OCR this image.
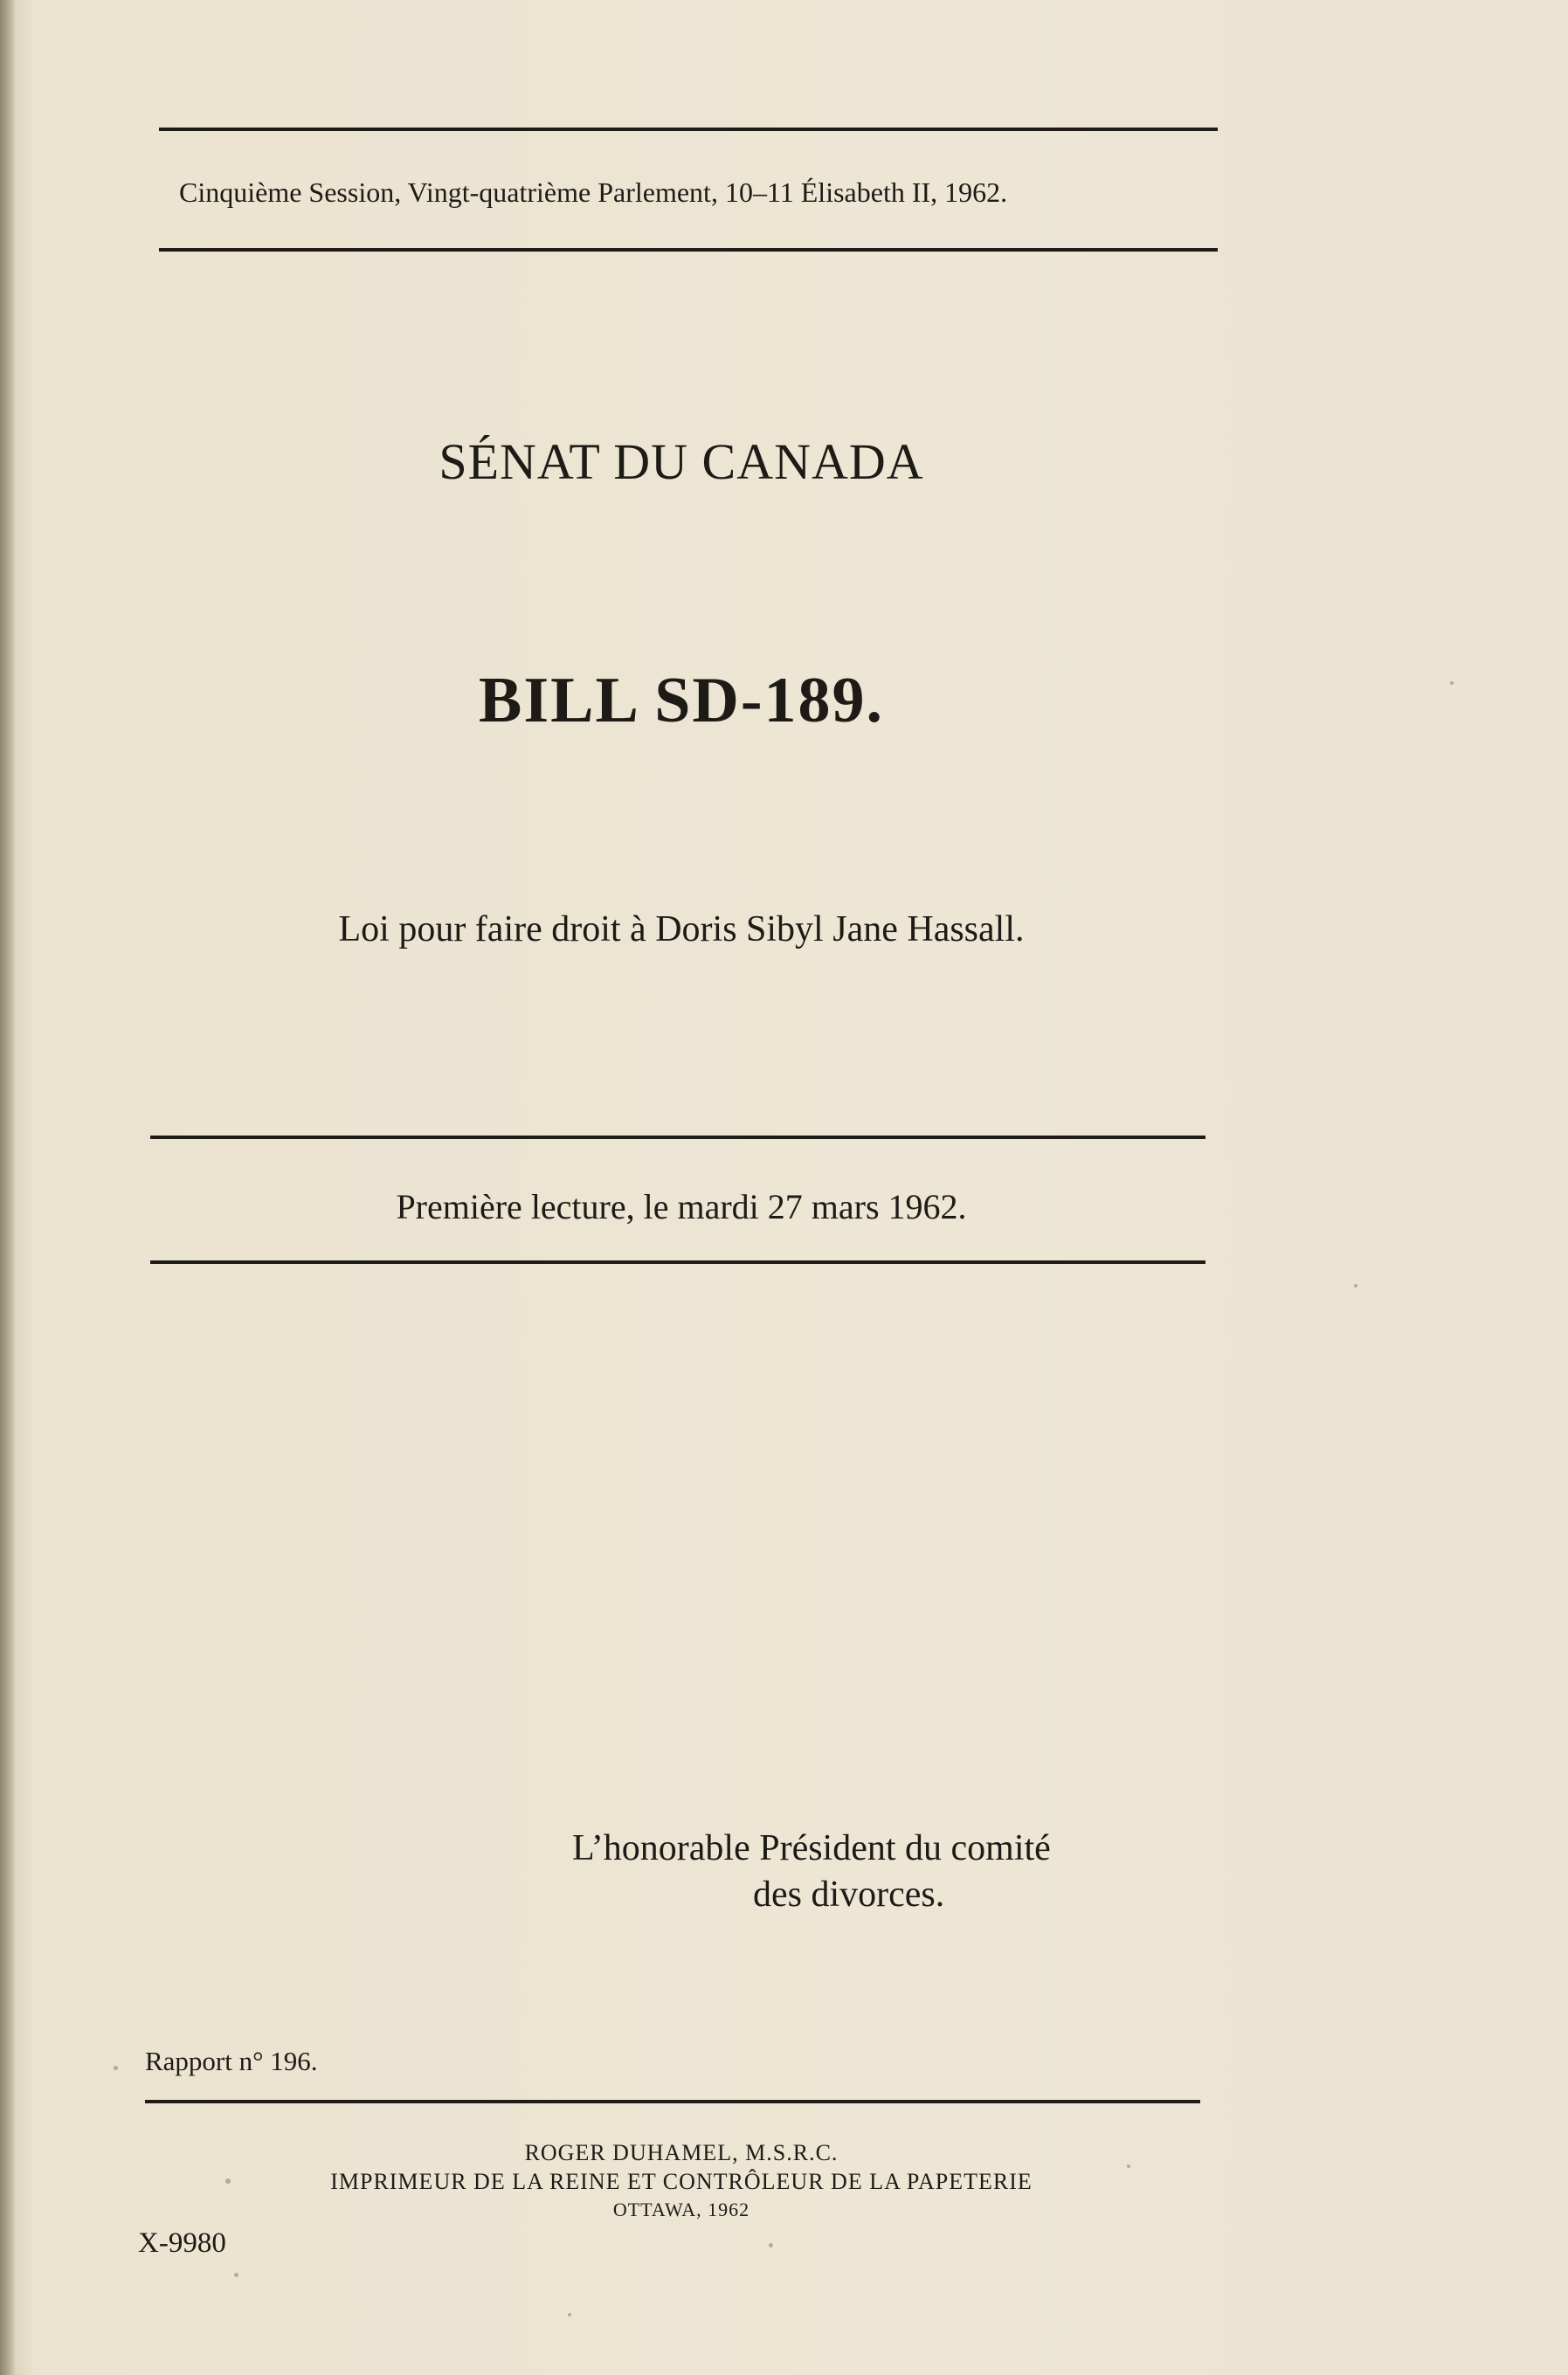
Cinquième Session, Vingt-quatrième Parlement, 10–11 Élisabeth II, 1962.
SÉNAT DU CANADA
BILL SD-189.
Loi pour faire droit à Doris Sibyl Jane Hassall.
Première lecture, le mardi 27 mars 1962.
L’honorable Président du comité
des divorces.
Rapport n° 196.
ROGER DUHAMEL, M.S.R.C.
IMPRIMEUR DE LA REINE ET CONTRÔLEUR DE LA PAPETERIE
OTTAWA, 1962
X-9980
